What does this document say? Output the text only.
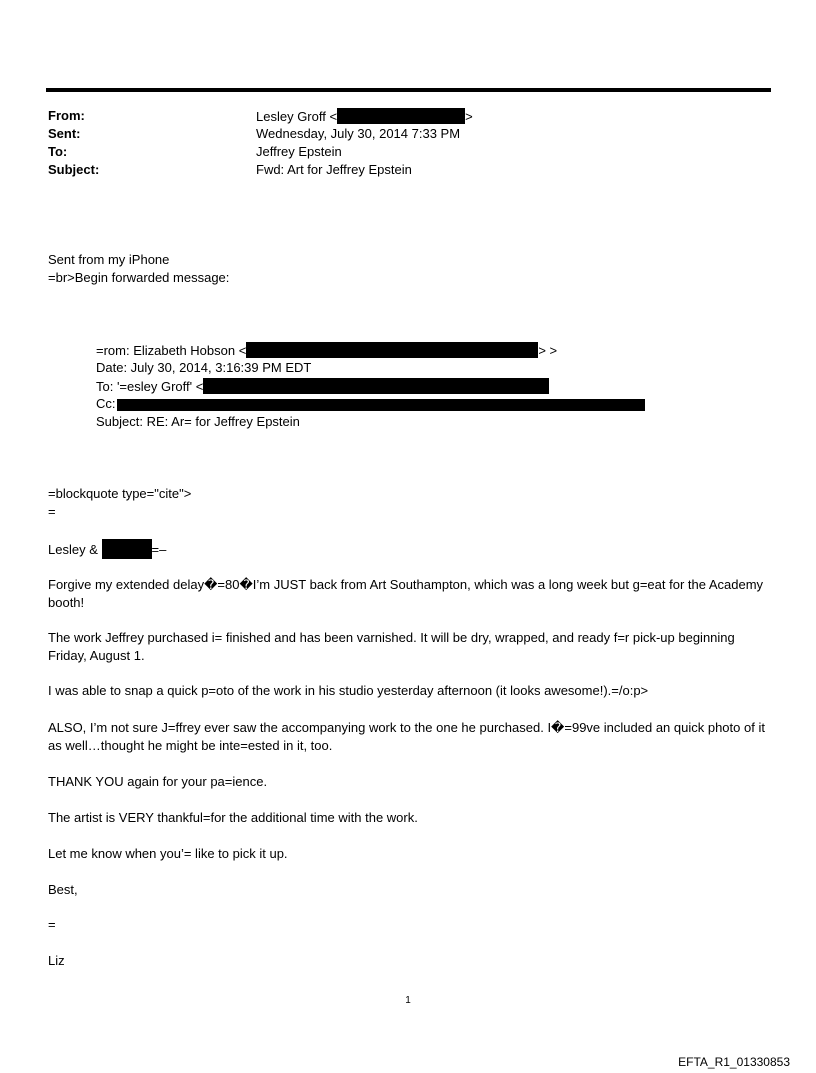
From:	Lesley Groff <	>
Sent:	Wednesday, July 30, 2014 7:33 PM
To:	Jeffrey Epstein
Subject:	Fwd: Art for Jeffrey Epstein
Sent from my iPhone
=br>Begin forwarded message:
=rom: Elizabeth Hobson <	> >
Date: July 30, 2014, 3:16:39 PM EDT
To: '=esley Groff' <
Cc:
Subject: RE: Ar= for Jeffrey Epstein
=blockquote type="cite">
=
Lesley &	=–
Forgive my extended delay�=80�I’m JUST back from Art Southampton, which was a long week but g=eat for the Academy booth!
The work Jeffrey purchased i= finished and has been varnished. It will be dry, wrapped, and ready f=r pick-up beginning Friday, August 1.
I was able to snap a quick p=oto of the work in his studio yesterday afternoon (it looks awesome!).=/o:p>
ALSO, I’m not sure J=ffrey ever saw the accompanying work to the one he purchased. I�=99ve included an quick photo of it as well…thought he might be inte=ested in it, too.
THANK YOU again for your pa=ience.
The artist is VERY thankful=for the additional time with the work.
Let me know when you’= like to pick it up.
Best,
=
Liz
1
EFTA_R1_01330853
